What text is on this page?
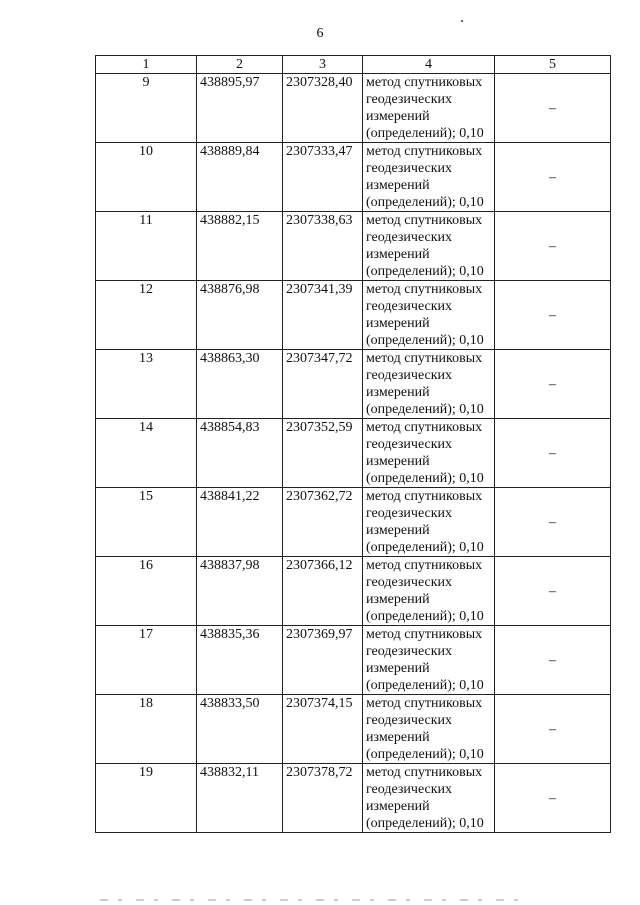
6
1	2	3	4	5
9	438895,97	2307328,40	метод спутниковых геодезических измерений (определений); 0,10	–
10	438889,84	2307333,47	метод спутниковых геодезических измерений (определений); 0,10	–
11	438882,15	2307338,63	метод спутниковых геодезических измерений (определений); 0,10	–
12	438876,98	2307341,39	метод спутниковых геодезических измерений (определений); 0,10	–
13	438863,30	2307347,72	метод спутниковых геодезических измерений (определений); 0,10	–
14	438854,83	2307352,59	метод спутниковых геодезических измерений (определений); 0,10	–
15	438841,22	2307362,72	метод спутниковых геодезических измерений (определений); 0,10	–
16	438837,98	2307366,12	метод спутниковых геодезических измерений (определений); 0,10	–
17	438835,36	2307369,97	метод спутниковых геодезических измерений (определений); 0,10	–
18	438833,50	2307374,15	метод спутниковых геодезических измерений (определений); 0,10	–
19	438832,11	2307378,72	метод спутниковых геодезических измерений (определений); 0,10	–
